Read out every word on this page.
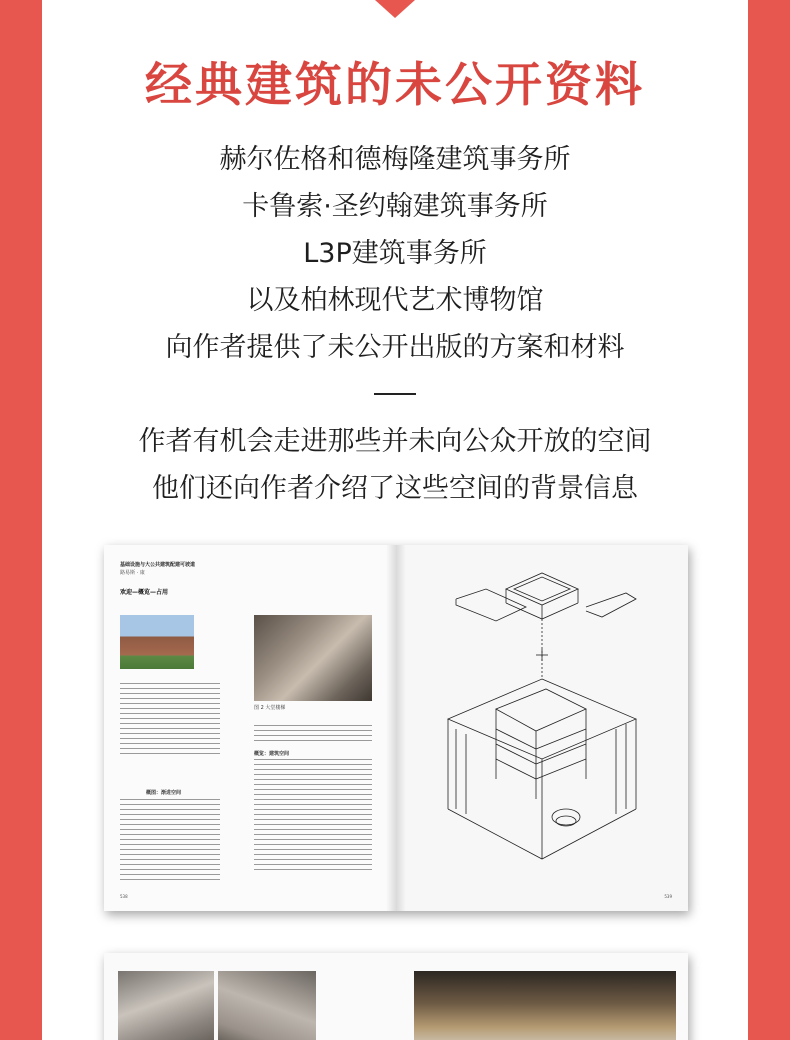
经典建筑的未公开资料
赫尔佐格和德梅隆建筑事务所
卡鲁索·圣约翰建筑事务所
L3P建筑事务所
以及柏林现代艺术博物馆
向作者提供了未公开出版的方案和材料
作者有机会走进那些并未向公众开放的空间
他们还向作者介绍了这些空间的背景信息
基础设施与大公共建筑配建可坡道
路易斯 · 康
欢迎—概览—占用
图 2 大堂楼梯
概图：渐进空间
概览：建筑空间
538	539
